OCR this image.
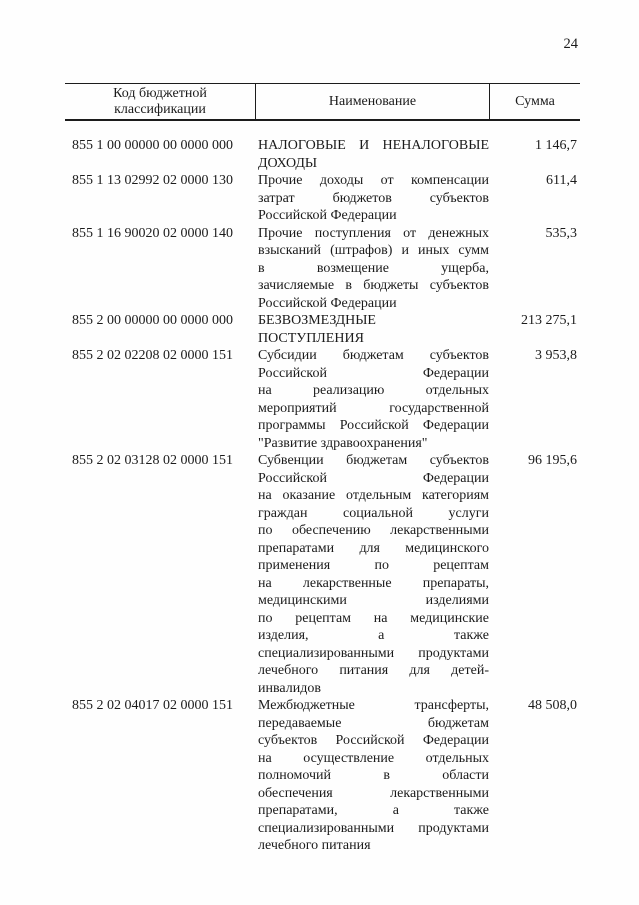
24
Код бюджетной
классификации
Наименование	Сумма
855 1 00 00000 00 0000 000	НАЛОГОВЫЕ И НЕНАЛОГОВЫЕ
ДОХОДЫ
1 146,7
855 1 13 02992 02 0000 130	Прочие доходы от компенсации
затрат бюджетов субъектов
Российской Федерации
611,4
855 1 16 90020 02 0000 140	Прочие поступления от денежных
взысканий (штрафов) и иных сумм
в возмещение ущерба,
зачисляемые в бюджеты субъектов
Российской Федерации
535,3
855 2 00 00000 00 0000 000	БЕЗВОЗМЕЗДНЫЕ
ПОСТУПЛЕНИЯ
213 275,1
855 2 02 02208 02 0000 151	Субсидии бюджетам субъектов
Российской Федерации
на реализацию отдельных
мероприятий государственной
программы Российской Федерации
"Развитие здравоохранения"
3 953,8
855 2 02 03128 02 0000 151	Субвенции бюджетам субъектов
Российской Федерации
на оказание отдельным категориям
граждан социальной услуги
по обеспечению лекарственными
препаратами для медицинского
применения по рецептам
на лекарственные препараты,
медицинскими изделиями
по рецептам на медицинские
изделия, а также
специализированными продуктами
лечебного питания для детей-
инвалидов
96 195,6
855 2 02 04017 02 0000 151	Межбюджетные трансферты,
передаваемые бюджетам
субъектов Российской Федерации
на осуществление отдельных
полномочий в области
обеспечения лекарственными
препаратами, а также
специализированными продуктами
лечебного питания
48 508,0
